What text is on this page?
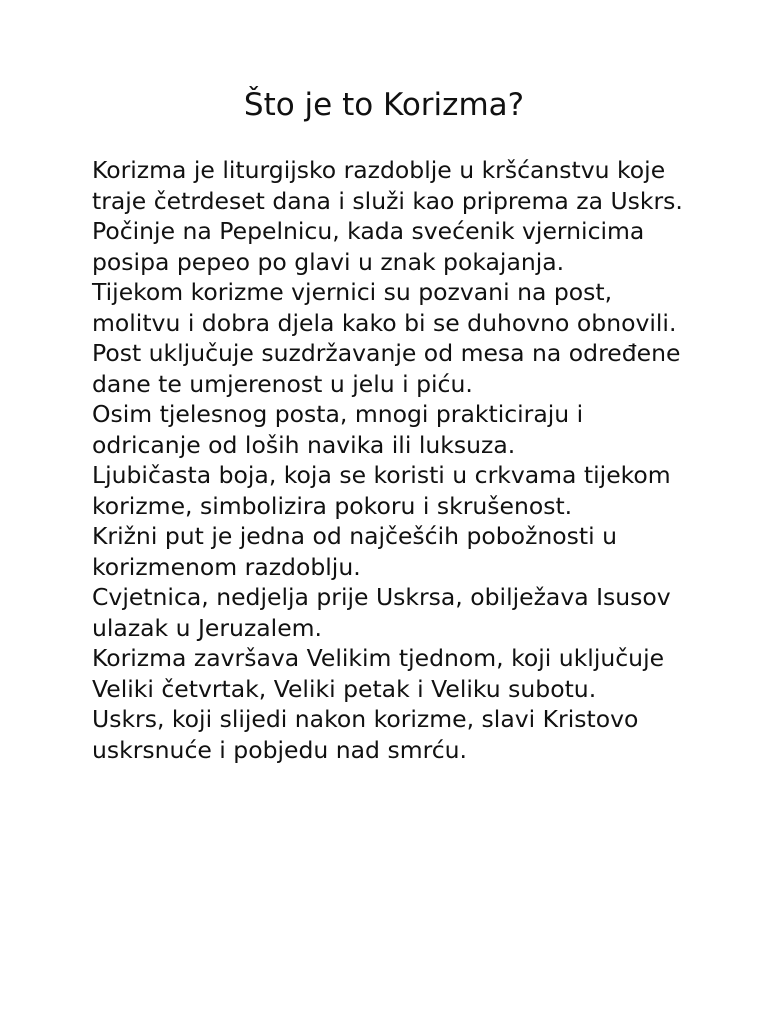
Što je to Korizma?

Korizma je liturgijsko razdoblje u kršćanstvu koje traje četrdeset dana i služi kao priprema za Uskrs.

Počinje na Pepelnicu, kada svećenik vjernicima posipa pepeo po glavi u znak pokajanja.

Tijekom korizme vjernici su pozvani na post, molitvu i dobra djela kako bi se duhovno obnovili.

Post uključuje suzdržavanje od mesa na određene dane te umjerenost u jelu i piću.

Osim tjelesnog posta, mnogi prakticiraju i odricanje od loših navika ili luksuza.

Ljubičasta boja, koja se koristi u crkvama tijekom korizme, simbolizira pokoru i skrušenost.

Križni put je jedna od najčešćih pobožnosti u korizmenom razdoblju.

Cvjetnica, nedjelja prije Uskrsa, obilježava Isusov ulazak u Jeruzalem.

Korizma završava Velikim tjednom, koji uključuje Veliki četvrtak, Veliki petak i Veliku subotu.

Uskrs, koji slijedi nakon korizme, slavi Kristovo uskrsnuće i pobjedu nad smrću.
